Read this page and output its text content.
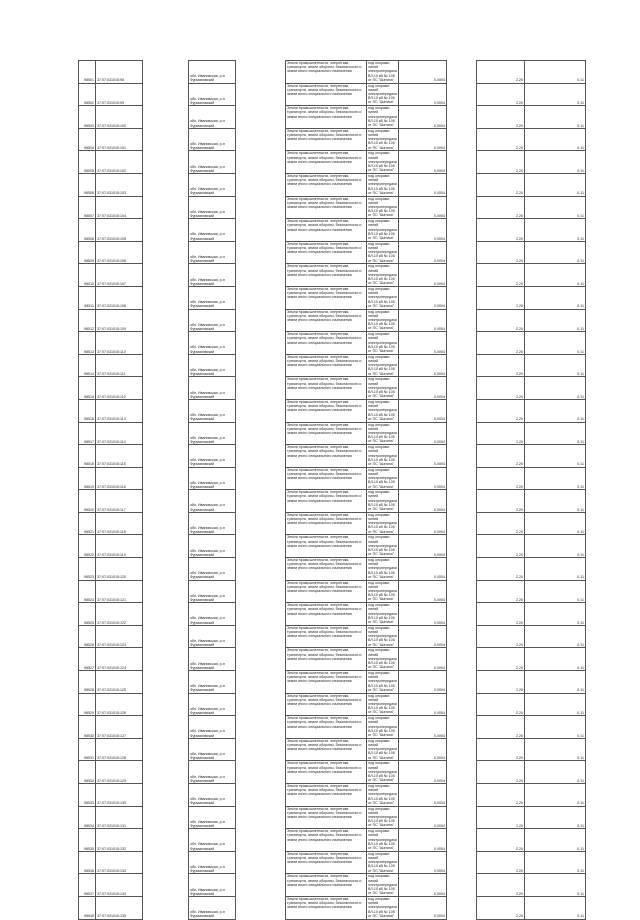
98501	37:07:031015:98		обл. Ивановская, р-н Фурмановский		Земли промышленности, энергетики, транспорта, земли обороны, безопасности и земли иного специального назначения	под опорами линий электропередачи ВЛ-10 кВ № 105 от ПС "Шатиха"	0,0004		2,20	0,11
98502	37:07:031015:99		обл. Ивановская, р-н Фурмановский		Земли промышленности, энергетики, транспорта, земли обороны, безопасности и земли иного специального назначения	под опорами линий электропередачи ВЛ-10 кВ № 105 от ПС "Шатиха"	0,0004		2,20	0,11
98503	37:07:031015:100		обл. Ивановская, р-н Фурмановский		Земли промышленности, энергетики, транспорта, земли обороны, безопасности и земли иного специального назначения	под опорами линий электропередачи ВЛ-10 кВ № 105 от ПС "Шатиха"	0,0004		2,20	0,11
98504	37:07:031015:101		обл. Ивановская, р-н Фурмановский		Земли промышленности, энергетики, транспорта, земли обороны, безопасности и земли иного специального назначения	под опорами линий электропередачи ВЛ-10 кВ № 105 от ПС "Шатиха"	0,0004		2,20	0,11
98505	37:07:031015:102		обл. Ивановская, р-н Фурмановский		Земли промышленности, энергетики, транспорта, земли обороны, безопасности и земли иного специального назначения	под опорами линий электропередачи ВЛ-10 кВ № 105 от ПС "Шатиха"	0,0004		2,20	0,11
98506	37:07:031015:103		обл. Ивановская, р-н Фурмановский		Земли промышленности, энергетики, транспорта, земли обороны, безопасности и земли иного специального назначения	под опорами линий электропередачи ВЛ-10 кВ № 105 от ПС "Шатиха"	0,0004		2,20	0,11
98507	37:07:031015:104		обл. Ивановская, р-н Фурмановский		Земли промышленности, энергетики, транспорта, земли обороны, безопасности и земли иного специального назначения	под опорами линий электропередачи ВЛ-10 кВ № 105 от ПС "Шатиха"	0,0004		2,20	0,11
98508	37:07:031015:105		обл. Ивановская, р-н Фурмановский		Земли промышленности, энергетики, транспорта, земли обороны, безопасности и земли иного специального назначения	под опорами линий электропередачи ВЛ-10 кВ № 105 от ПС "Шатиха"	0,0004		2,20	0,11
98509	37:07:031015:106		обл. Ивановская, р-н Фурмановский		Земли промышленности, энергетики, транспорта, земли обороны, безопасности и земли иного специального назначения	под опорами линий электропередачи ВЛ-10 кВ № 105 от ПС "Шатиха"	0,0004		2,20	0,11
98510	37:07:031015:107		обл. Ивановская, р-н Фурмановский		Земли промышленности, энергетики, транспорта, земли обороны, безопасности и земли иного специального назначения	под опорами линий электропередачи ВЛ-10 кВ № 105 от ПС "Шатиха"	0,0004		2,20	0,11
98511	37:07:031015:108		обл. Ивановская, р-н Фурмановский		Земли промышленности, энергетики, транспорта, земли обороны, безопасности и земли иного специального назначения	под опорами линий электропередачи ВЛ-10 кВ № 105 от ПС "Шатиха"	0,0004		2,20	0,11
98512	37:07:031015:109		обл. Ивановская, р-н Фурмановский		Земли промышленности, энергетики, транспорта, земли обороны, безопасности и земли иного специального назначения	под опорами линий электропередачи ВЛ-10 кВ № 105 от ПС "Шатиха"	0,0004		2,20	0,11
98513	37:07:031015:110		обл. Ивановская, р-н Фурмановский		Земли промышленности, энергетики, транспорта, земли обороны, безопасности и земли иного специального назначения	под опорами линий электропередачи ВЛ-10 кВ № 105 от ПС "Шатиха"	0,0004		2,20	0,11
98514	37:07:031015:111		обл. Ивановская, р-н Фурмановский		Земли промышленности, энергетики, транспорта, земли обороны, безопасности и земли иного специального назначения	под опорами линий электропередачи ВЛ-10 кВ № 105 от ПС "Шатиха"	0,0004		2,20	0,11
98515	37:07:031015:112		обл. Ивановская, р-н Фурмановский		Земли промышленности, энергетики, транспорта, земли обороны, безопасности и земли иного специального назначения	под опорами линий электропередачи ВЛ-10 кВ № 105 от ПС "Шатиха"	0,0004		2,20	0,11
98516	37:07:031015:113		обл. Ивановская, р-н Фурмановский		Земли промышленности, энергетики, транспорта, земли обороны, безопасности и земли иного специального назначения	под опорами линий электропередачи ВЛ-10 кВ № 105 от ПС "Шатиха"	0,0004		2,20	0,11
98517	37:07:031015:114		обл. Ивановская, р-н Фурмановский		Земли промышленности, энергетики, транспорта, земли обороны, безопасности и земли иного специального назначения	под опорами линий электропередачи ВЛ-10 кВ № 105 от ПС "Шатиха"	0,0004		2,20	0,11
98518	37:07:031015:115		обл. Ивановская, р-н Фурмановский		Земли промышленности, энергетики, транспорта, земли обороны, безопасности и земли иного специального назначения	под опорами линий электропередачи ВЛ-10 кВ № 105 от ПС "Шатиха"	0,0004		2,20	0,11
98519	37:07:031015:116		обл. Ивановская, р-н Фурмановский		Земли промышленности, энергетики, транспорта, земли обороны, безопасности и земли иного специального назначения	под опорами линий электропередачи ВЛ-10 кВ № 105 от ПС "Шатиха"	0,0004		2,20	0,11
98520	37:07:031015:117		обл. Ивановская, р-н Фурмановский		Земли промышленности, энергетики, транспорта, земли обороны, безопасности и земли иного специального назначения	под опорами линий электропередачи ВЛ-10 кВ № 105 от ПС "Шатиха"	0,0004		2,20	0,11
98521	37:07:031015:118		обл. Ивановская, р-н Фурмановский		Земли промышленности, энергетики, транспорта, земли обороны, безопасности и земли иного специального назначения	под опорами линий электропередачи ВЛ-10 кВ № 105 от ПС "Шатиха"	0,0004		2,20	0,11
98522	37:07:031015:119		обл. Ивановская, р-н Фурмановский		Земли промышленности, энергетики, транспорта, земли обороны, безопасности и земли иного специального назначения	под опорами линий электропередачи ВЛ-10 кВ № 105 от ПС "Шатиха"	0,0004		2,20	0,11
98523	37:07:031015:120		обл. Ивановская, р-н Фурмановский		Земли промышленности, энергетики, транспорта, земли обороны, безопасности и земли иного специального назначения	под опорами линий электропередачи ВЛ-10 кВ № 105 от ПС "Шатиха"	0,0004		2,20	0,11
98524	37:07:031015:121		обл. Ивановская, р-н Фурмановский		Земли промышленности, энергетики, транспорта, земли обороны, безопасности и земли иного специального назначения	под опорами линий электропередачи ВЛ-10 кВ № 105 от ПС "Шатиха"	0,0004		2,20	0,11
98525	37:07:031015:122		обл. Ивановская, р-н Фурмановский		Земли промышленности, энергетики, транспорта, земли обороны, безопасности и земли иного специального назначения	под опорами линий электропередачи ВЛ-10 кВ № 105 от ПС "Шатиха"	0,0004		2,20	0,11
98526	37:07:031015:123		обл. Ивановская, р-н Фурмановский		Земли промышленности, энергетики, транспорта, земли обороны, безопасности и земли иного специального назначения	под опорами линий электропередачи ВЛ-10 кВ № 105 от ПС "Шатиха"	0,0004		2,20	0,11
98527	37:07:031015:124		обл. Ивановская, р-н Фурмановский		Земли промышленности, энергетики, транспорта, земли обороны, безопасности и земли иного специального назначения	под опорами линий электропередачи ВЛ-10 кВ № 105 от ПС "Шатиха"	0,0004		2,20	0,11
98528	37:07:031015:125		обл. Ивановская, р-н Фурмановский		Земли промышленности, энергетики, транспорта, земли обороны, безопасности и земли иного специального назначения	под опорами линий электропередачи ВЛ-10 кВ № 105 от ПС "Шатиха"	0,0004		2,20	0,11
98529	37:07:031015:126		обл. Ивановская, р-н Фурмановский		Земли промышленности, энергетики, транспорта, земли обороны, безопасности и земли иного специального назначения	под опорами линий электропередачи ВЛ-10 кВ № 105 от ПС "Шатиха"	0,0004		2,20	0,11
98530	37:07:031015:127		обл. Ивановская, р-н Фурмановский		Земли промышленности, энергетики, транспорта, земли обороны, безопасности и земли иного специального назначения	под опорами линий электропередачи ВЛ-10 кВ № 105 от ПС "Шатиха"	0,0004		2,20	0,11
98531	37:07:031015:128		обл. Ивановская, р-н Фурмановский		Земли промышленности, энергетики, транспорта, земли обороны, безопасности и земли иного специального назначения	под опорами линий электропередачи ВЛ-10 кВ № 105 от ПС "Шатиха"	0,0004		2,20	0,11
98532	37:07:031015:129		обл. Ивановская, р-н Фурмановский		Земли промышленности, энергетики, транспорта, земли обороны, безопасности и земли иного специального назначения	под опорами линий электропередачи ВЛ-10 кВ № 105 от ПС "Шатиха"	0,0004		2,20	0,11
98533	37:07:031015:130		обл. Ивановская, р-н Фурмановский		Земли промышленности, энергетики, транспорта, земли обороны, безопасности и земли иного специального назначения	под опорами линий электропередачи ВЛ-10 кВ № 105 от ПС "Шатиха"	0,0004		2,20	0,11
98534	37:07:031015:131		обл. Ивановская, р-н Фурмановский		Земли промышленности, энергетики, транспорта, земли обороны, безопасности и земли иного специального назначения	под опорами линий электропередачи ВЛ-10 кВ № 105 от ПС "Шатиха"	0,0004		2,20	0,11
98535	37:07:031015:132		обл. Ивановская, р-н Фурмановский		Земли промышленности, энергетики, транспорта, земли обороны, безопасности и земли иного специального назначения	под опорами линий электропередачи ВЛ-10 кВ № 105 от ПС "Шатиха"	0,0004		2,20	0,11
98536	37:07:031015:133		обл. Ивановская, р-н Фурмановский		Земли промышленности, энергетики, транспорта, земли обороны, безопасности и земли иного специального назначения	под опорами линий электропередачи ВЛ-10 кВ № 105 от ПС "Шатиха"	0,0004		2,20	0,11
98537	37:07:031015:134		обл. Ивановская, р-н Фурмановский		Земли промышленности, энергетики, транспорта, земли обороны, безопасности и земли иного специального назначения	под опорами линий электропередачи ВЛ-10 кВ № 105 от ПС "Шатиха"	0,0004		2,20	0,11
98538	37:07:031015:135		обл. Ивановская, р-н Фурмановский		Земли промышленности, энергетики, транспорта, земли обороны, безопасности и земли иного специального назначения	под опорами линий электропередачи ВЛ-10 кВ № 105 от ПС "Шатиха"	0,0004		2,20	0,11
